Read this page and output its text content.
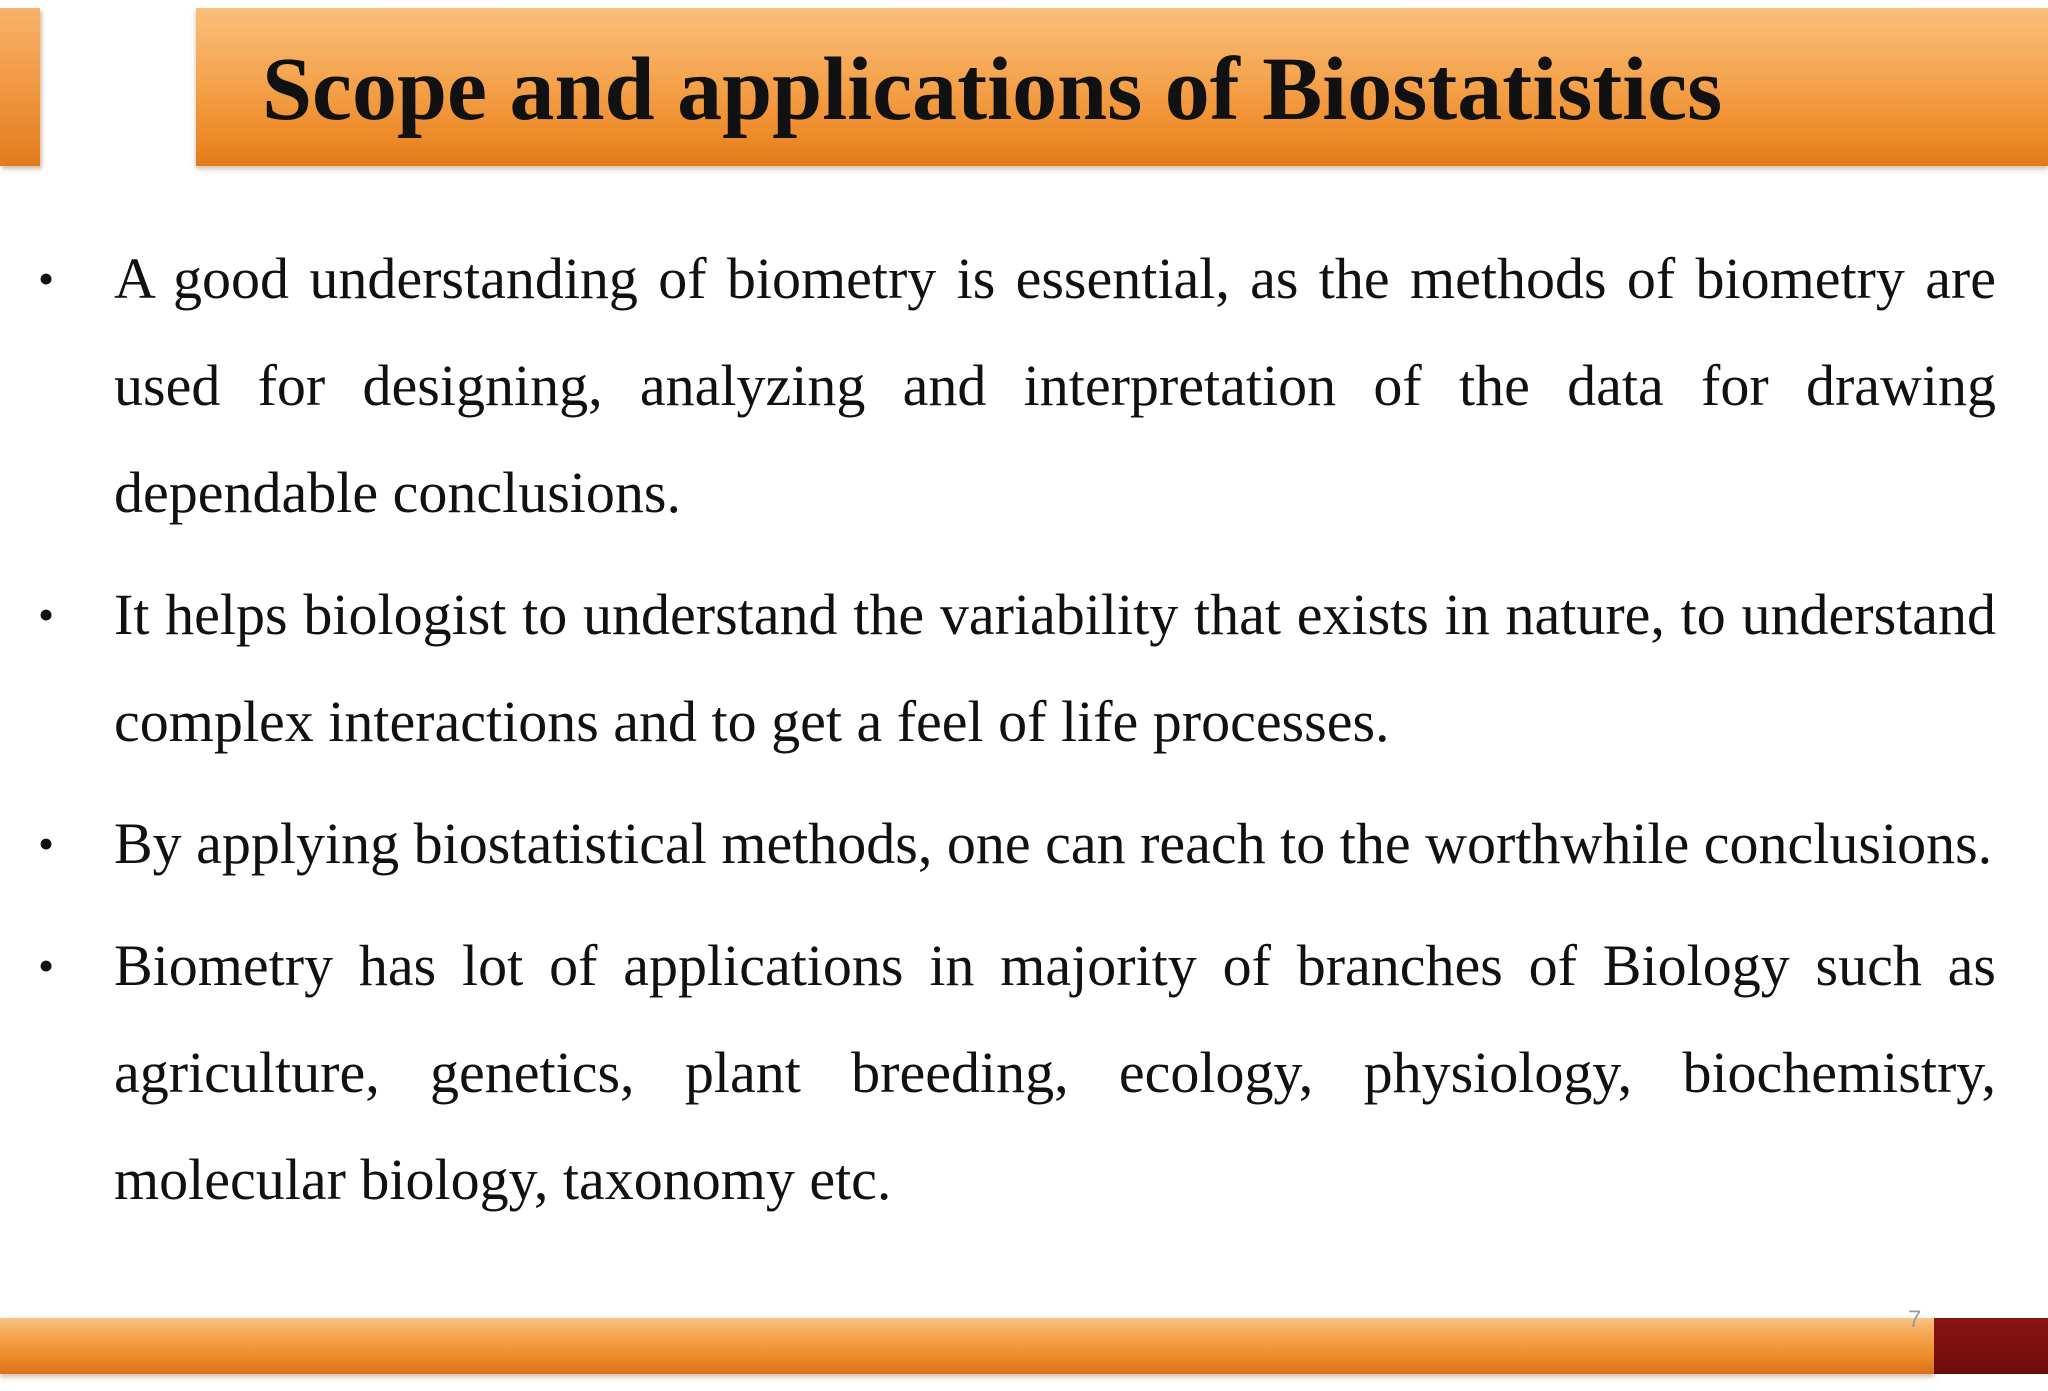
Scope and applications of Biostatistics
• A good understanding of biometry is essential, as the methods of biometry are used for designing, analyzing and interpretation of the data for drawing dependable conclusions.
• It helps biologist to understand the variability that exists in nature, to understand complex interactions and to get a feel of life processes.
• By applying biostatistical methods, one can reach to the worthwhile conclusions.
• Biometry has lot of applications in majority of branches of Biology such as agriculture, genetics, plant breeding, ecology, physiology, biochemistry, molecular biology, taxonomy etc.
7
